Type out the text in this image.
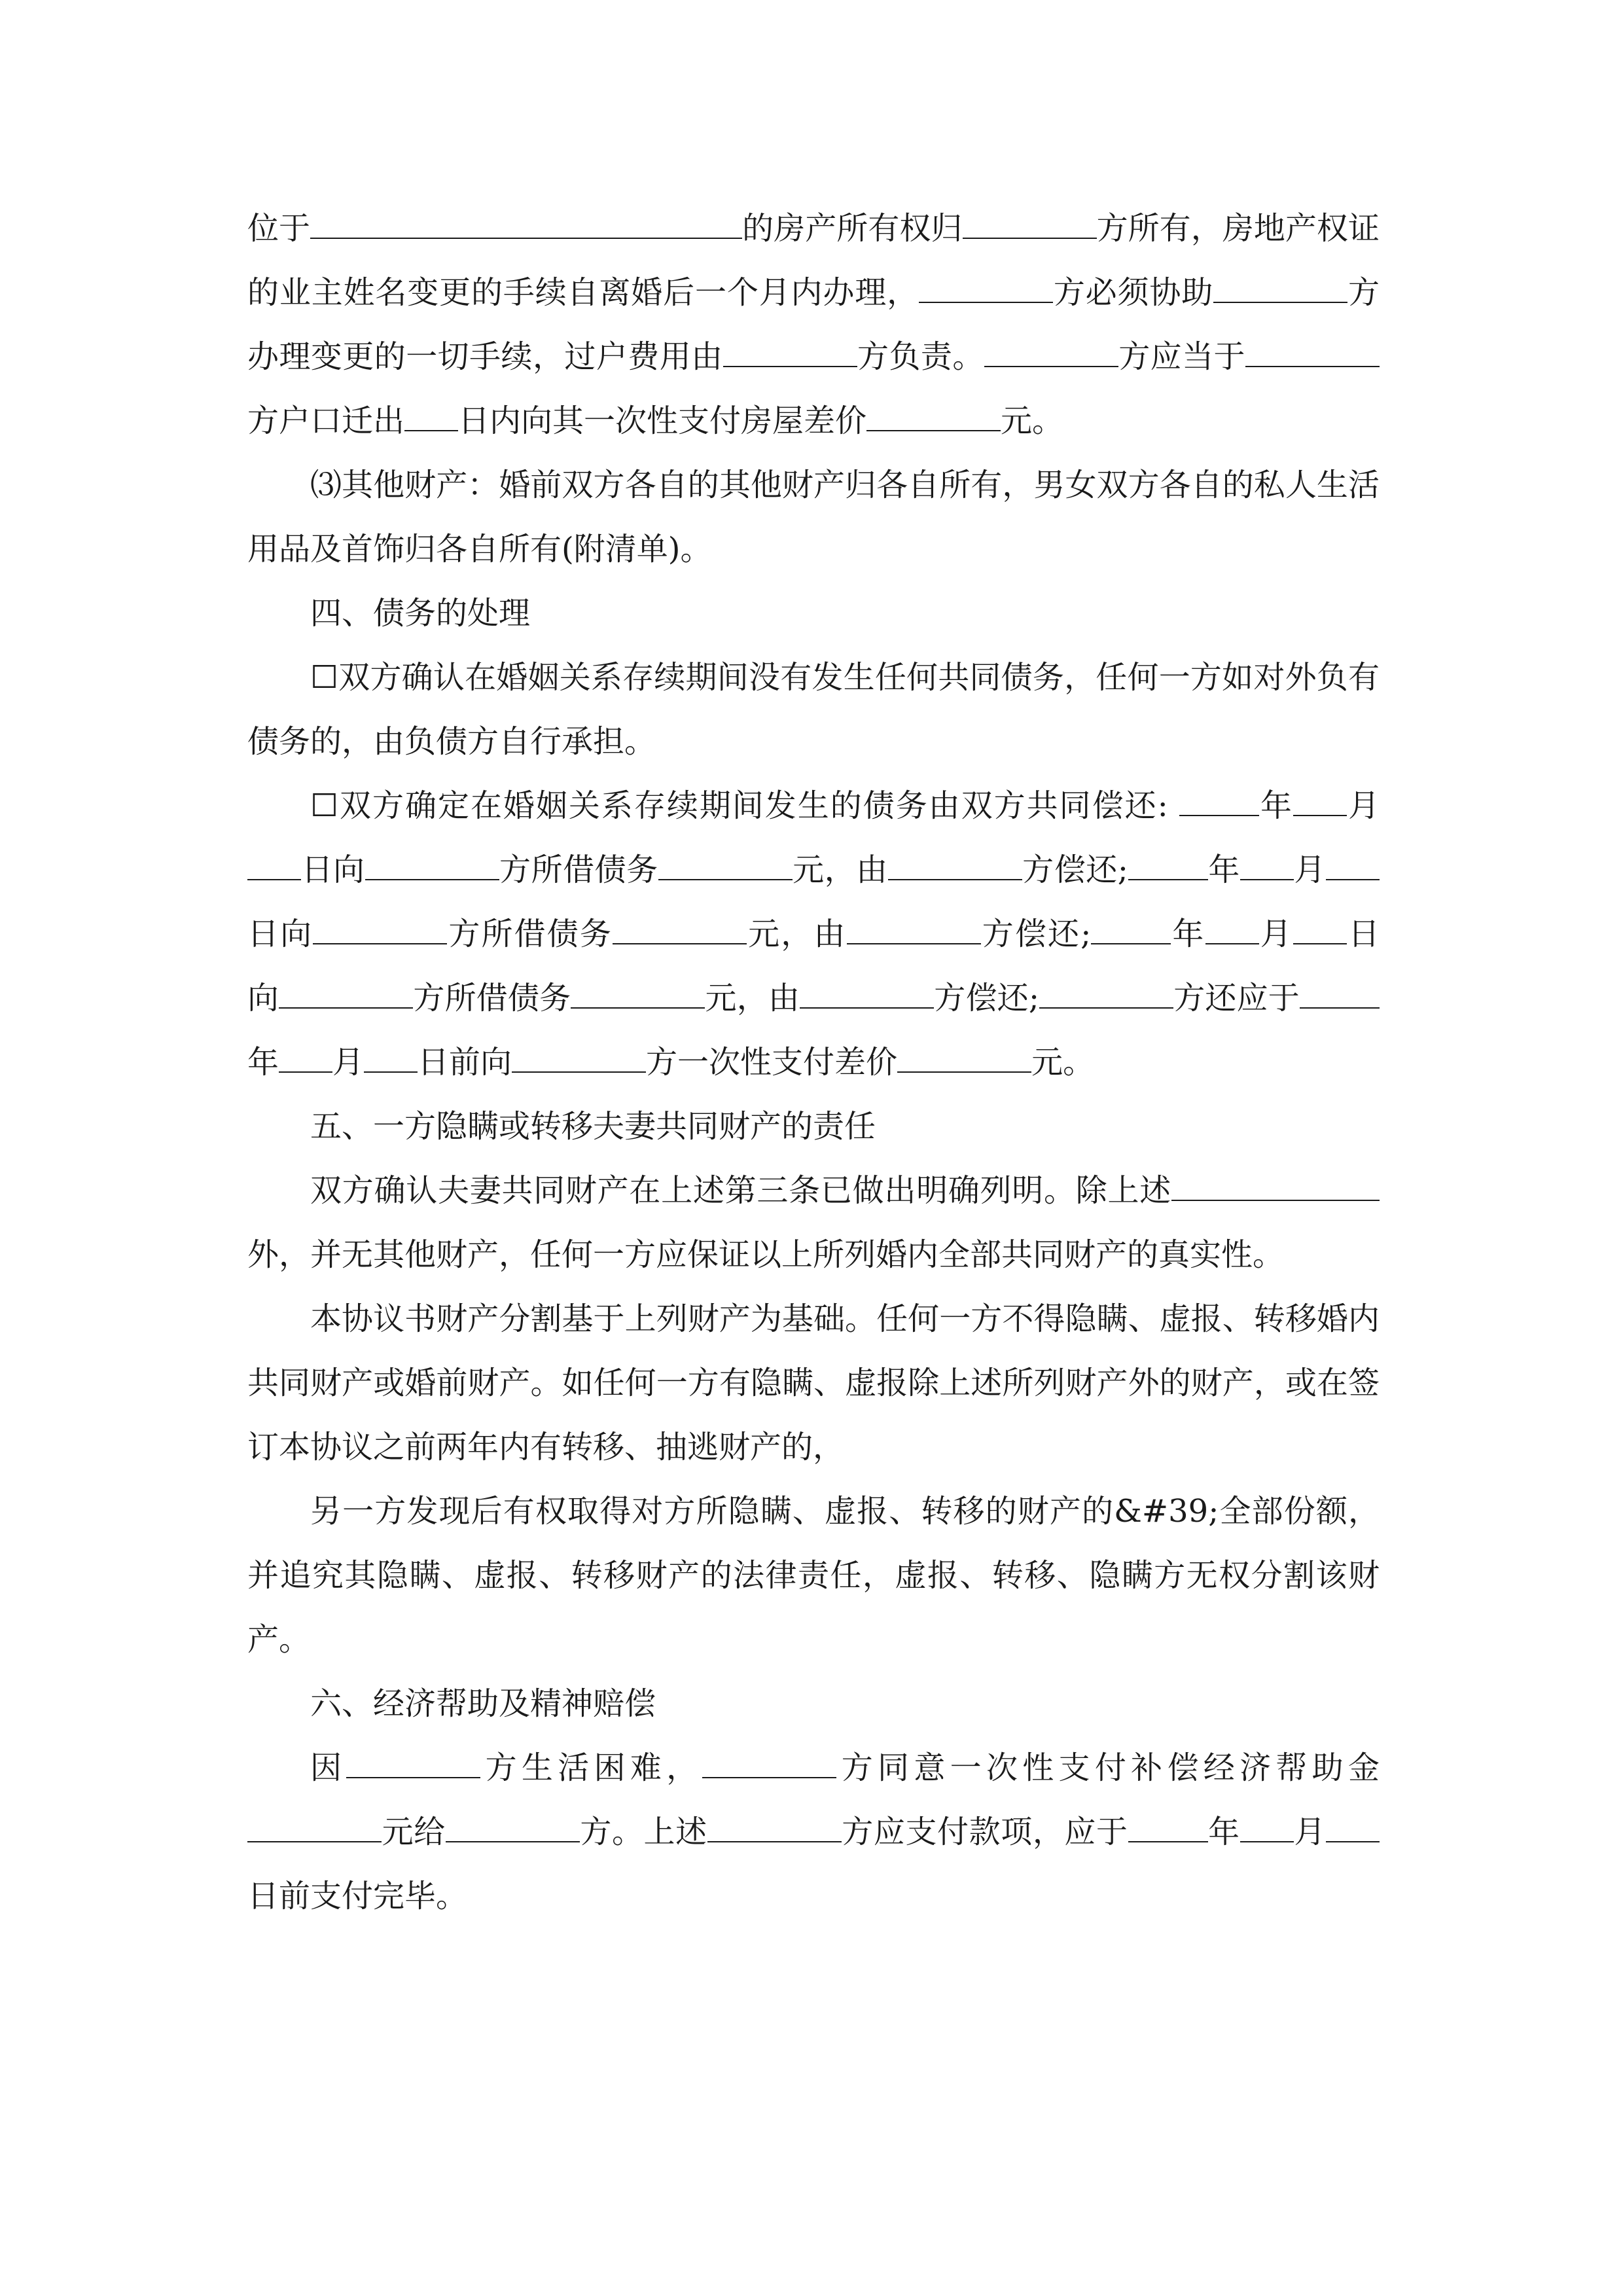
位于	的房产所有权归	方所有，房地产权证的业主姓名变更的手续自离婚后一个月内办理，	方必须协助	方办理变更的一切手续，过户费用由	方负责。	方应当于方户口迁出 日内向其一次性支付房屋差价	元。

⑶其他财产：婚前双方各自的其他财产归各自所有，男女双方各自的私人生活用品及首饰归各自所有(附清单)。

四、债务的处理

☐双方确认在婚姻关系存续期间没有发生任何共同债务，任何一方如对外负有债务的，由负债方自行承担。

☐双方确定在婚姻关系存续期间发生的债务由双方共同偿还:	年 月日向	方所借债务	元，由	方偿还;	年 月日向	方所借债务	元，由	方偿还;	年 月 日向	方所借债务	元，由	方偿还;	方还应于年 月 日前向	方一次性支付差价	元。

五、一方隐瞒或转移夫妻共同财产的责任

双方确认夫妻共同财产在上述第三条已做出明确列明。除上述外，并无其他财产，任何一方应保证以上所列婚内全部共同财产的真实性。

本协议书财产分割基于上列财产为基础。任何一方不得隐瞒、虚报、转移婚内共同财产或婚前财产。如任何一方有隐瞒、虚报除上述所列财产外的财产，或在签订本协议之前两年内有转移、抽逃财产的，

另一方发现后有权取得对方所隐瞒、虚报、转移的财产的&#39;全部份额，并追究其隐瞒、虚报、转移财产的法律责任，虚报、转移、隐瞒方无权分割该财产。

六、经济帮助及精神赔偿

因	方生活困难，	方同意一次性支付补偿经济帮助金元给	方。上述	方应支付款项，应于	年 月日前支付完毕。
